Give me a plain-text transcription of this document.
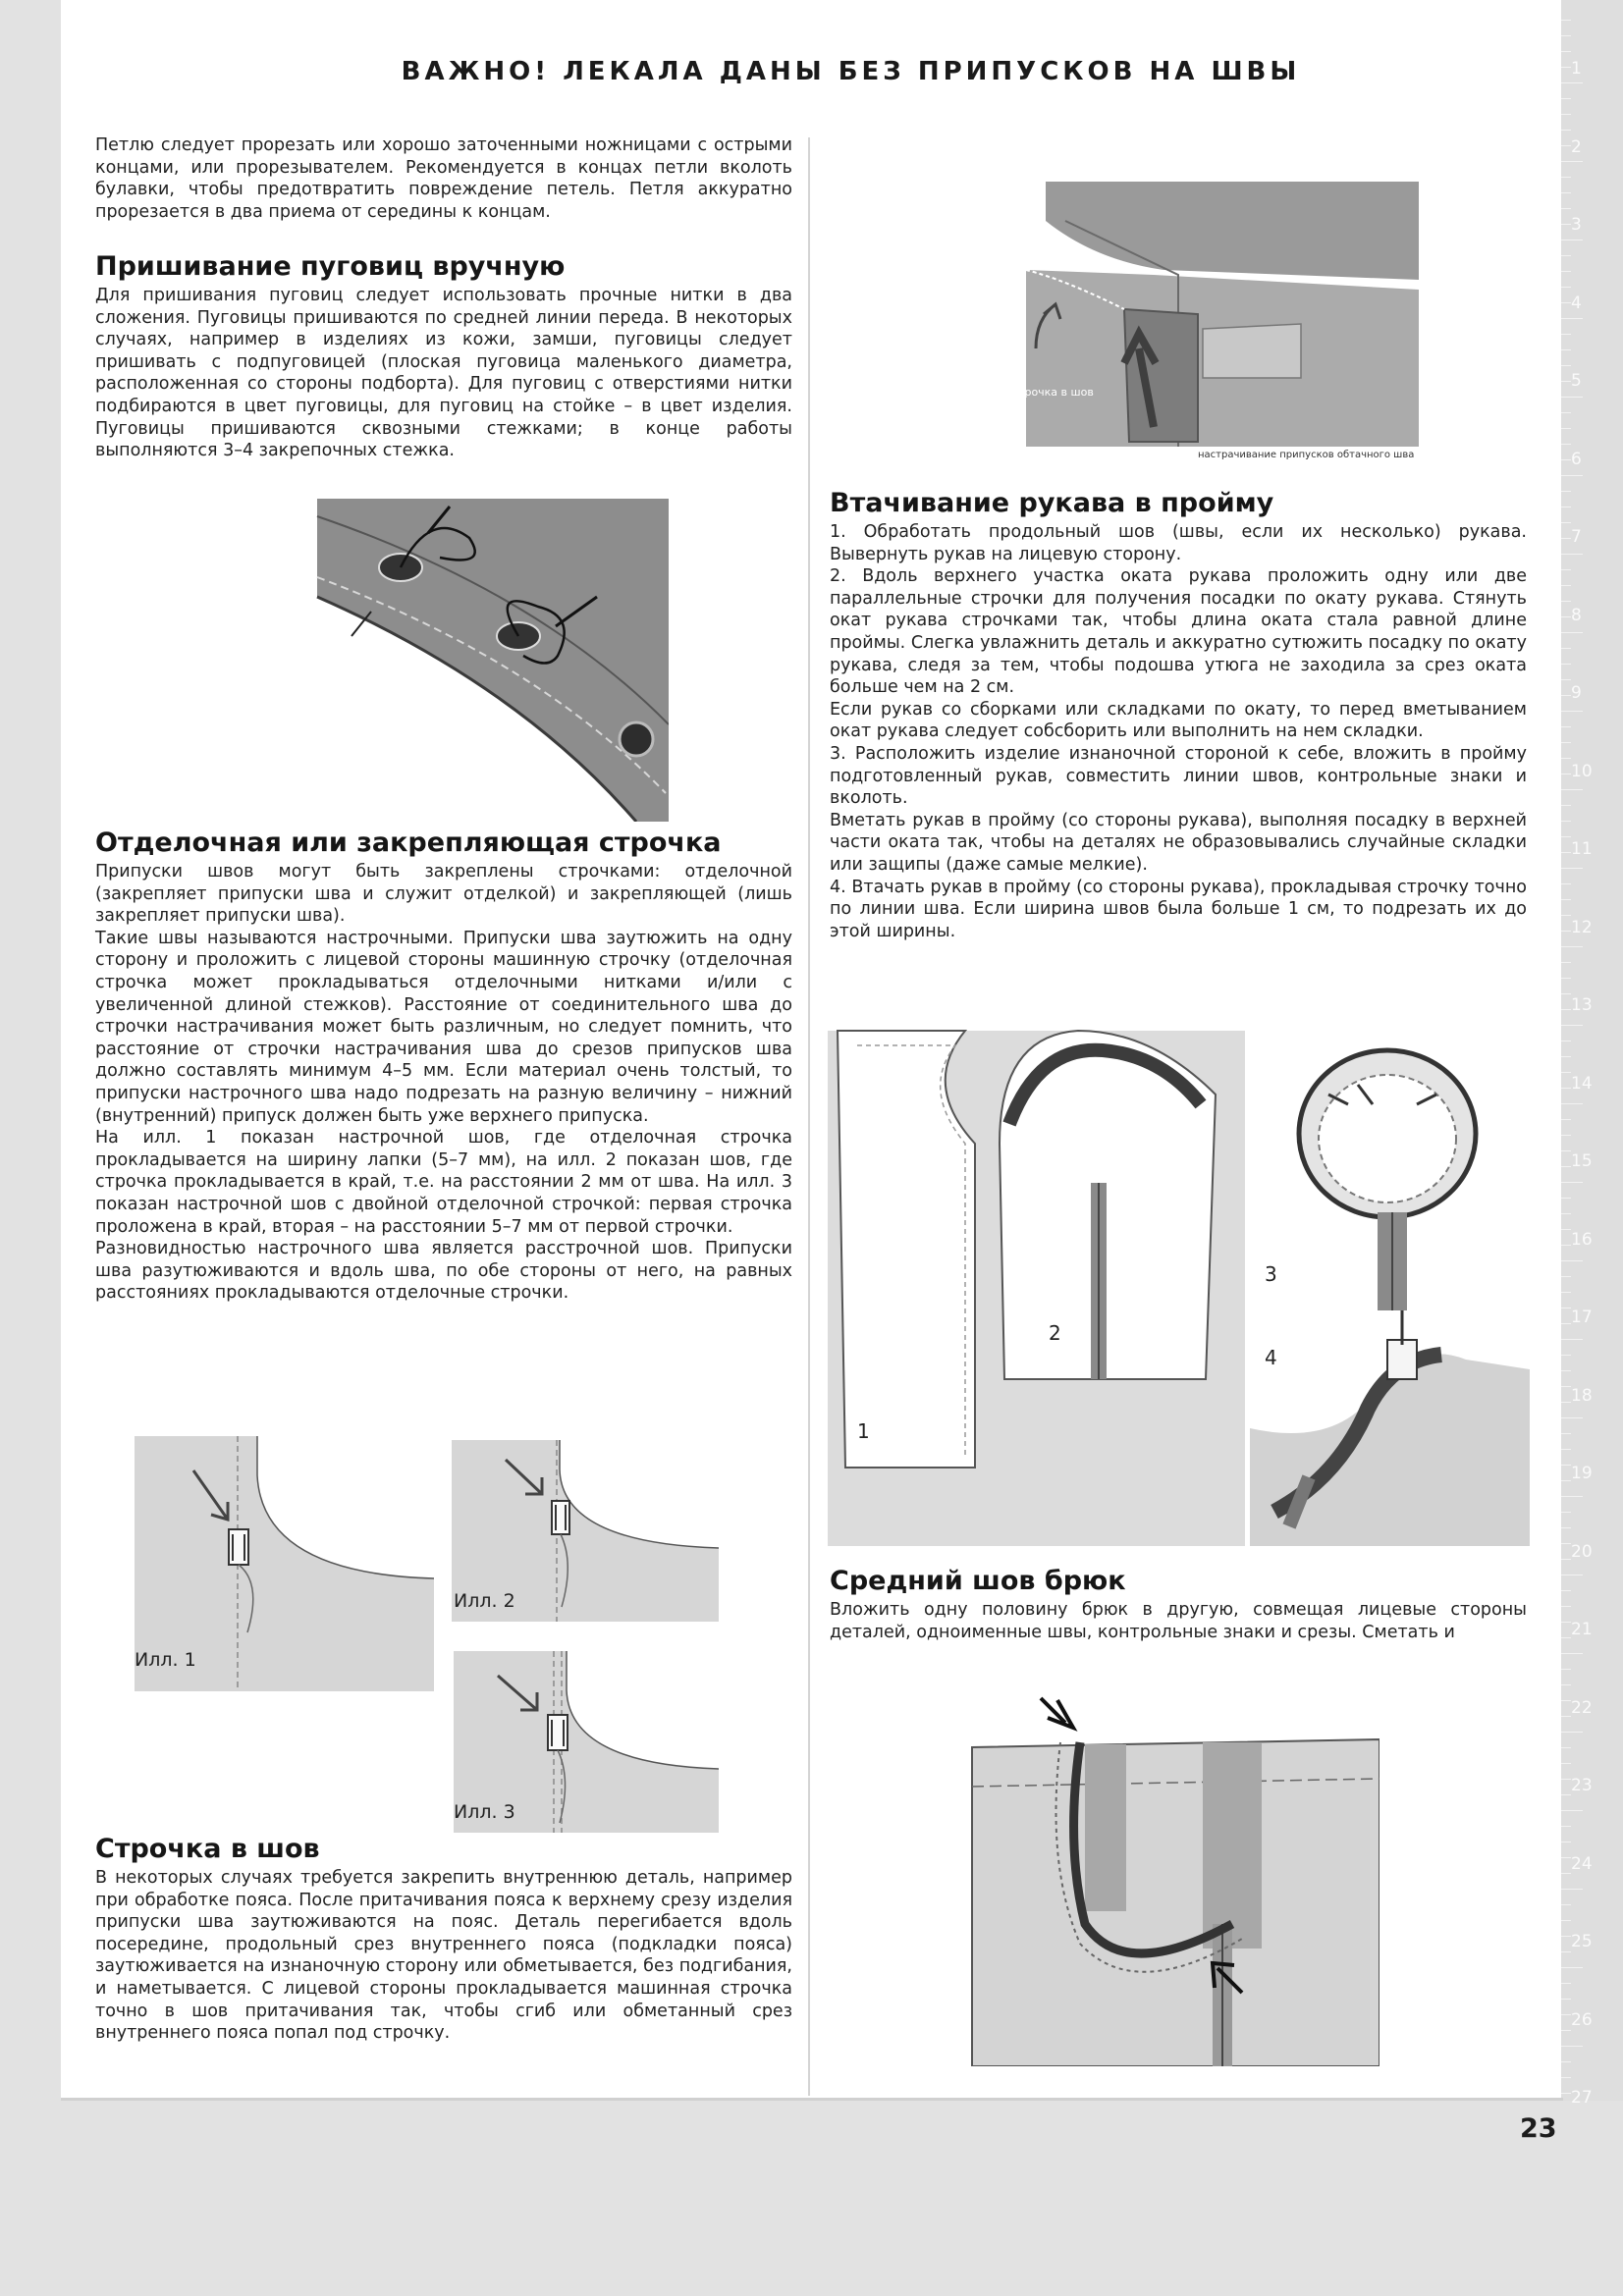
1
2
3
4
5
6
7
8
9
10
11
12
13
14
15
16
17
18
19
20
21
22
23
24
25
26
27
ВАЖНО! ЛЕКАЛА ДАНЫ БЕЗ ПРИПУСКОВ НА ШВЫ
Петлю следует прорезать или хорошо заточенными ножницами с острыми концами, или прорезывателем. Рекомендуется в концах петли вколоть булавки, чтобы предотвратить повреждение петель. Петля аккуратно прорезается в два приема от середины к концам.
Пришивание пуговиц вручную
Для пришивания пуговиц следует использовать прочные нитки в два сложения. Пуговицы пришиваются по средней линии переда. В некоторых случаях, например в изделиях из кожи, замши, пуговицы следует пришивать с подпуговицей (плоская пуговица маленького диаметра, расположенная со стороны подборта). Для пуговиц с отверстиями нитки подбираются в цвет пуговицы, для пуговиц на стойке – в цвет изделия. Пуговицы пришиваются сквозными стежками; в конце работы выполняются 3–4 закрепочных стежка.
Отделочная или закрепляющая строчка
Припуски швов могут быть закреплены строчками: отделочной (закрепляет припуски шва и служит отделкой) и закрепляющей (лишь закрепляет припуски шва).
Такие швы называются настрочными. Припуски шва заутюжить на одну сторону и проложить с лицевой стороны машинную строчку (отделочная строчка может прокладываться отделочными нитками и/или с увеличенной длиной стежков). Расстояние от соединительного шва до строчки настрачивания может быть различным, но следует помнить, что расстояние от строчки настрачивания шва до срезов припусков шва должно составлять минимум 4–5 мм. Если материал очень толстый, то припуски настрочного шва надо подрезать на разную величину – нижний (внутренний) припуск должен быть уже верхнего припуска.
На илл. 1 показан настрочной шов, где отделочная строчка прокладывается на ширину лапки (5–7 мм), на илл. 2 показан шов, где строчка прокладывается в край, т.е. на расстоянии 2 мм от шва. На илл. 3 показан настрочной шов с двойной отделочной строчкой: первая строчка проложена в край, вторая – на расстоянии 5–7 мм от первой строчки.
Разновидностью настрочного шва является расстрочной шов. Припуски шва разутюживаются и вдоль шва, по обе стороны от него, на равных расстояниях прокладываются отделочные строчки.
Илл. 1
Илл. 2
Илл. 3
Строчка в шов
В некоторых случаях требуется закрепить внутреннюю деталь, например при обработке пояса. После притачивания пояса к верхнему срезу изделия припуски шва заутюживаются на пояс. Деталь перегибается вдоль посередине, продольный срез внутреннего пояса (подкладки пояса) заутюживается на изнаночную сторону или обметывается, без подгибания, и наметывается. С лицевой стороны прокладывается машинная строчка точно в шов притачивания так, чтобы сгиб или обметанный срез внутреннего пояса попал под строчку.
строчка в шов
настрачивание припусков обтачного шва
Втачивание рукава в пройму
1. Обработать продольный шов (швы, если их несколько) рукава. Вывернуть рукав на лицевую сторону.
2. Вдоль верхнего участка оката рукава проложить одну или две параллельные строчки для получения посадки по окату рукава. Стянуть окат рукава строчками так, чтобы длина оката стала равной длине проймы. Слегка увлажнить деталь и аккуратно сутюжить посадку по окату рукава, следя за тем, чтобы подошва утюга не заходила за срез оката больше чем на 2 см.
Если рукав со сборками или складками по окату, то перед вметыванием окат рукава следует собсборить или выполнить на нем складки.
3. Расположить изделие изнаночной стороной к себе, вложить в пройму подготовленный рукав, совместить линии швов, контрольные знаки и вколоть.
Вметать рукав в пройму (со стороны рукава), выполняя посадку в верхней части оката так, чтобы на деталях не образовывались случайные складки или защипы (даже самые мелкие).
4. Втачать рукав в пройму (со стороны рукава), прокладывая строчку точно по линии шва. Если ширина швов была больше 1 см, то подрезать их до этой ширины.
1
2
3
4
Средний шов брюк
Вложить одну половину брюк в другую, совмещая лицевые стороны деталей, одноименные швы, контрольные знаки и срезы. Сметать и
23
